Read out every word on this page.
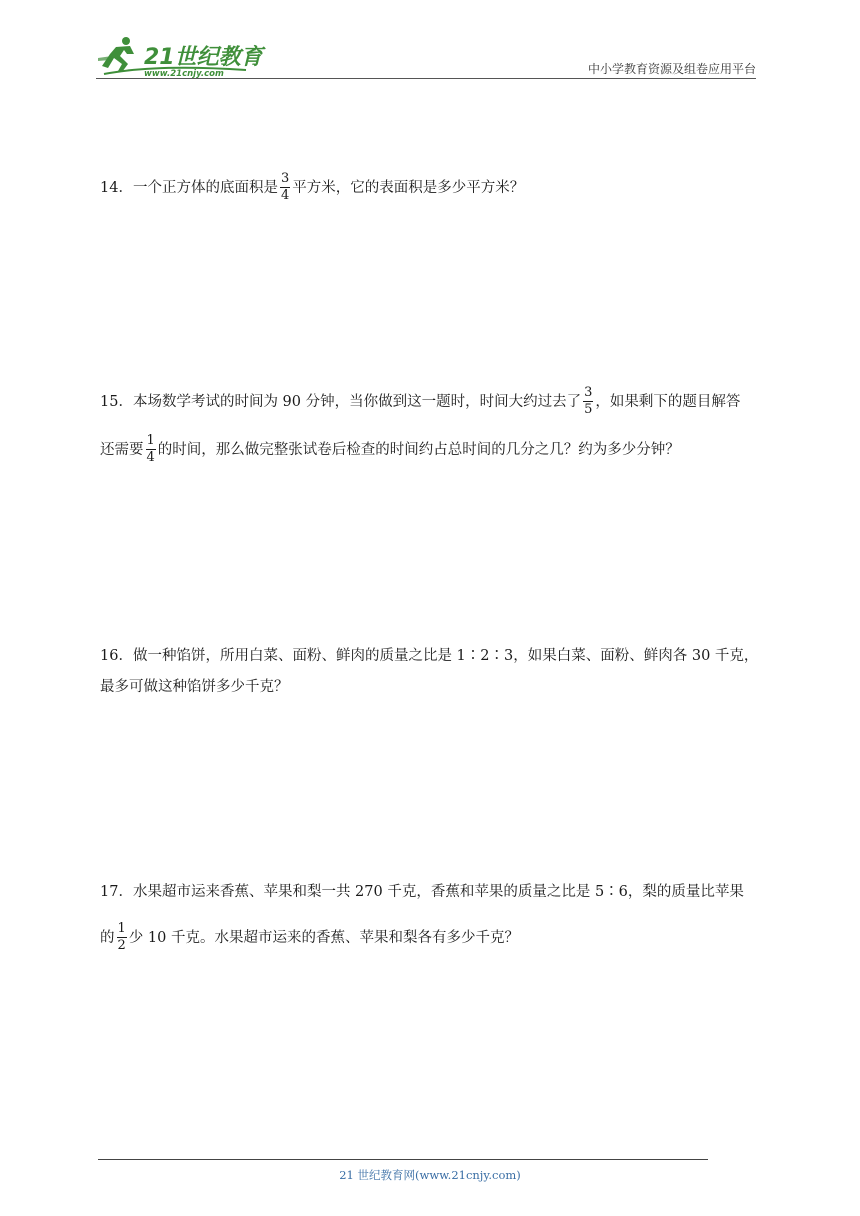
21世纪教育
www.21cnjy.com	中小学教育资源及组卷应用平台
14．一个正方体的底面积是 $\frac{3}{4}$ 平方米，它的表面积是多少平方米？
15．本场数学考试的时间为 90 分钟，当你做到这一题时，时间大约过去了 $\frac{3}{5}$ ，如果剩下的题目解答
还需要 $\frac{1}{4}$ 的时间，那么做完整张试卷后检查的时间约占总时间的几分之几？约为多少分钟？
16．做一种馅饼，所用白菜、面粉、鲜肉的质量之比是 1∶2∶3，如果白菜、面粉、鲜肉各 30 千克，
最多可做这种馅饼多少千克？
17．水果超市运来香蕉、苹果和梨一共 270 千克，香蕉和苹果的质量之比是 5∶6，梨的质量比苹果
的 $\frac{1}{2}$ 少 10 千克。水果超市运来的香蕉、苹果和梨各有多少千克？
21 世纪教育网(www.21cnjy.com)
